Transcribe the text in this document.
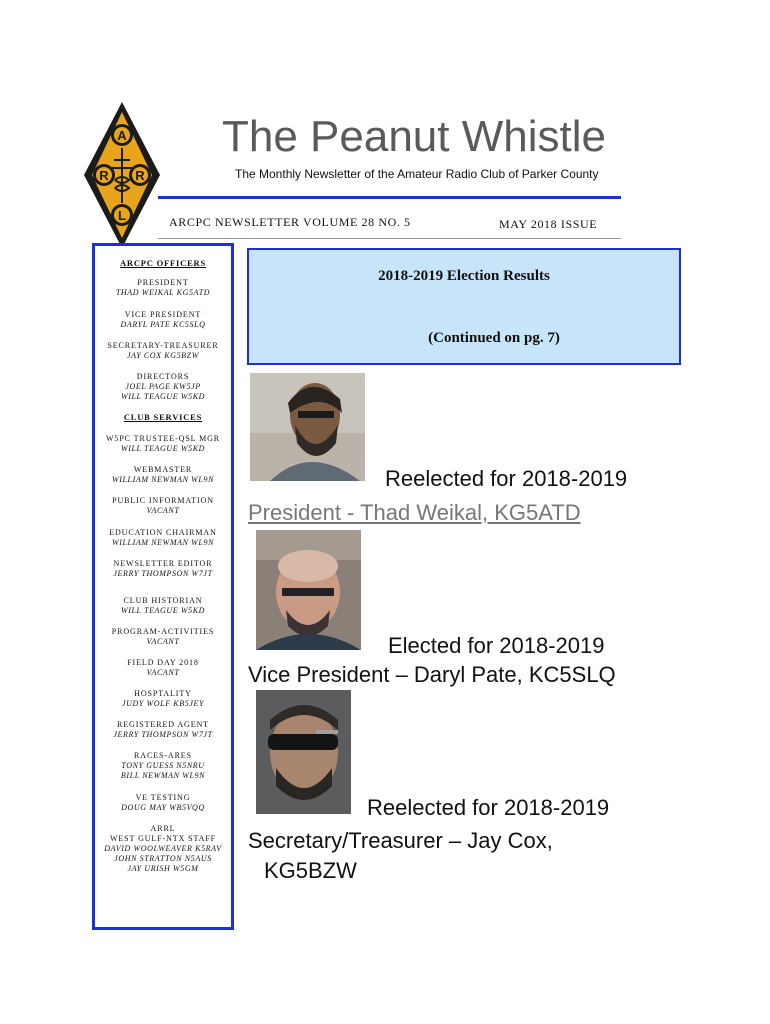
A
R R
L
The Peanut Whistle
The Monthly Newsletter of the Amateur Radio Club of Parker County
ARCPC NEWSLETTER VOLUME 28 NO. 5	MAY 2018 ISSUE
ARCPC OFFICERS
PRESIDENT
THAD WEIKAL KG5ATD
VICE PRESIDENT
DARYL PATE KC5SLQ
SECRETARY-TREASURER
JAY COX KG5BZW
DIRECTORS
JOEL PAGE KW5JP
WILL TEAGUE W5KD
CLUB SERVICES
W5PC TRUSTEE-QSL MGR
WILL TEAGUE W5KD
WEBMASTER
WILLIAM NEWMAN WL9N
PUBLIC INFORMATION
VACANT
EDUCATION CHAIRMAN
WILLIAM NEWMAN WL9N
NEWSLETTER EDITOR
JERRY THOMPSON W7JT
CLUB HISTORIAN
WILL TEAGUE W5KD
PROGRAM-ACTIVITIES
VACANT
FIELD DAY 2018
VACANT
HOSPTALITY
JUDY WOLF KB5JEY
REGISTERED AGENT
JERRY THOMPSON W7JT
RACES-ARES
TONY GUESS N5NRU
BILL NEWMAN WL9N
VE TESTING
DOUG MAY WB5VQQ
ARRL
WEST GULF-NTX STAFF
DAVID WOOLWEAVER K5RAV
JOHN STRATTON N5AUS
JAY URISH W5GM
2018-2019 Election Results
(Continued on pg. 7)
Reelected for 2018-2019
President - Thad Weikal, KG5ATD
Elected for 2018-2019
Vice President – Daryl Pate, KC5SLQ
Reelected for 2018-2019
Secretary/Treasurer – Jay Cox,
KG5BZW
